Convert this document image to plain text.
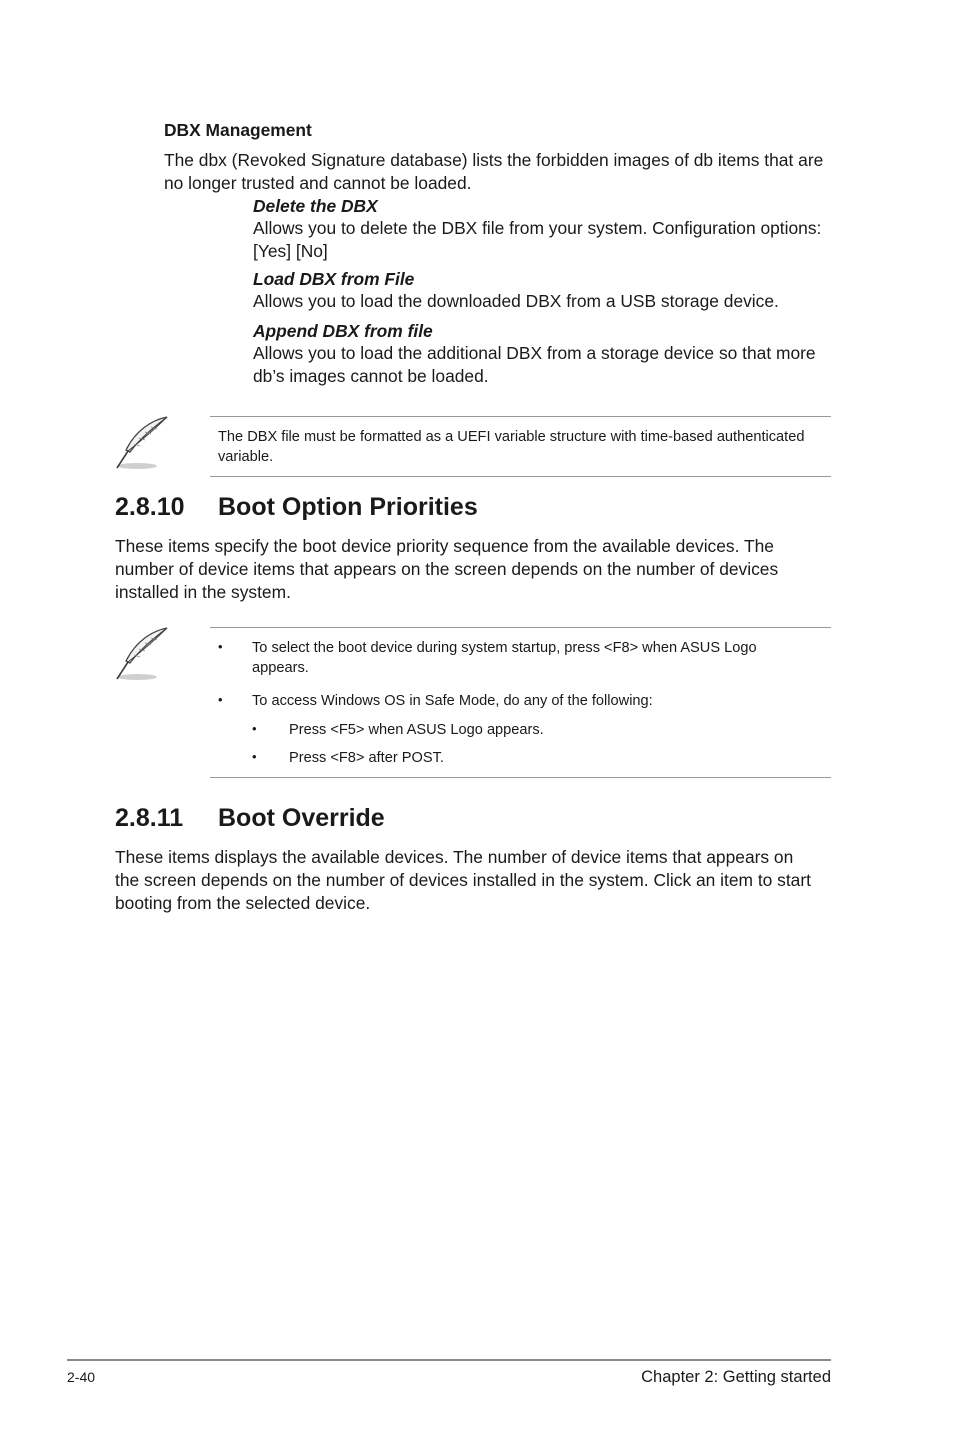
DBX Management

The dbx (Revoked Signature database) lists the forbidden images of db items that are no longer trusted and cannot be loaded.

Delete the DBX

Allows you to delete the DBX file from your system. Configuration options: [Yes] [No]

Load DBX from File

Allows you to load the downloaded DBX from a USB storage device.

Append DBX from file

Allows you to load the additional DBX from a storage device so that more db’s images cannot be loaded.

The DBX file must be formatted as a UEFI variable structure with time-based authenticated variable.

2.8.10 Boot Option Priorities

These items specify the boot device priority sequence from the available devices. The number of device items that appears on the screen depends on the number of devices installed in the system.

• To select the boot device during system startup, press <F8> when ASUS Logo appears.

• To access Windows OS in Safe Mode, do any of the following:

• Press <F5> when ASUS Logo appears.

• Press <F8> after POST.

2.8.11 Boot Override

These items displays the available devices. The number of device items that appears on the screen depends on the number of devices installed in the system. Click an item to start booting from the selected device.

2-40	Chapter 2: Getting started
